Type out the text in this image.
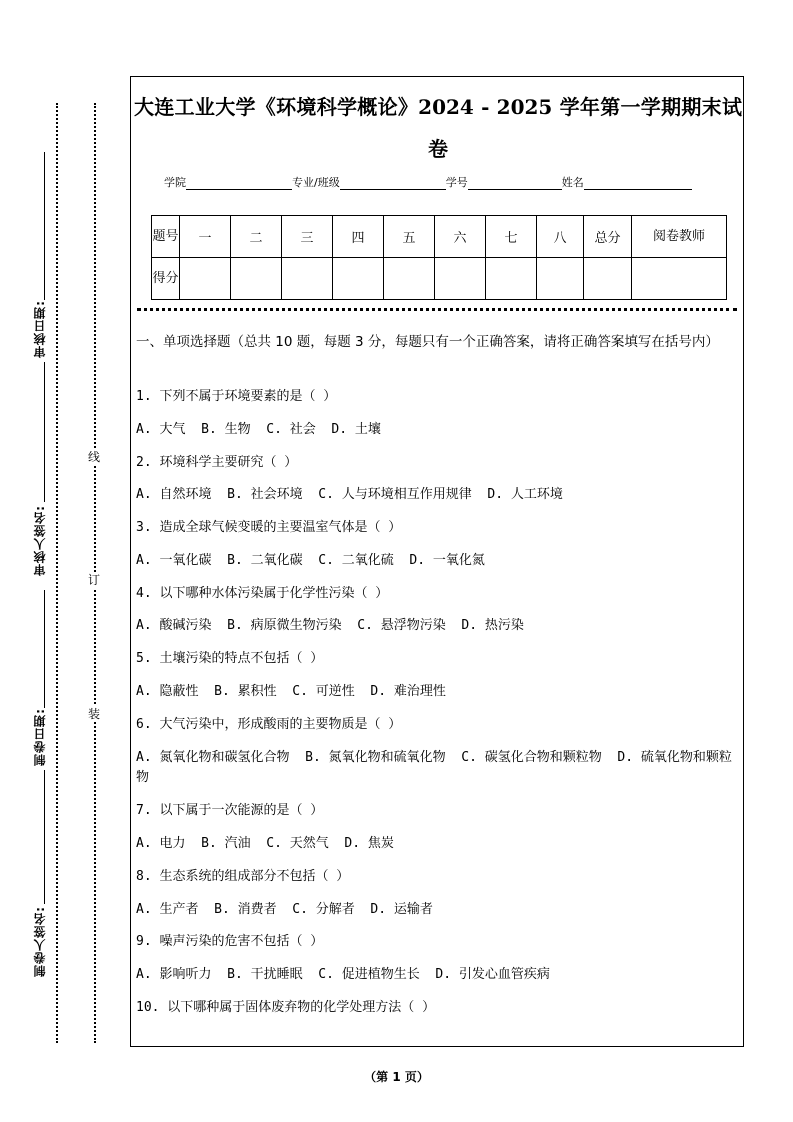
审核日期:
审核人签名:
制卷日期:
制卷人签名:
线
订
装
大连工业大学《环境科学概论》2024 - 2025 学年第一学期期末试
卷
学院	专业/班级	学号	姓名
题号	一	二	三	四	五	六	七	八	总分	阅卷教师
得分										
一、单项选择题（总共 10 题，每题 3 分，每题只有一个正确答案，请将正确答案填写在括号内）
1. 下列不属于环境要素的是（ ）
A. 大气  B. 生物  C. 社会  D. 土壤
2. 环境科学主要研究（ ）
A. 自然环境  B. 社会环境  C. 人与环境相互作用规律  D. 人工环境
3. 造成全球气候变暖的主要温室气体是（ ）
A. 一氧化碳  B. 二氧化碳  C. 二氧化硫  D. 一氧化氮
4. 以下哪种水体污染属于化学性污染（ ）
A. 酸碱污染  B. 病原微生物污染  C. 悬浮物污染  D. 热污染
5. 土壤污染的特点不包括（ ）
A. 隐蔽性  B. 累积性  C. 可逆性  D. 难治理性
6. 大气污染中，形成酸雨的主要物质是（ ）
A. 氮氧化物和碳氢化合物  B. 氮氧化物和硫氧化物  C. 碳氢化合物和颗粒物  D. 硫氧化物和颗粒物
7. 以下属于一次能源的是（ ）
A. 电力  B. 汽油  C. 天然气  D. 焦炭
8. 生态系统的组成部分不包括（ ）
A. 生产者  B. 消费者  C. 分解者  D. 运输者
9. 噪声污染的危害不包括（ ）
A. 影响听力  B. 干扰睡眠  C. 促进植物生长  D. 引发心血管疾病
10. 以下哪种属于固体废弃物的化学处理方法（ ）
（第 1 页）
